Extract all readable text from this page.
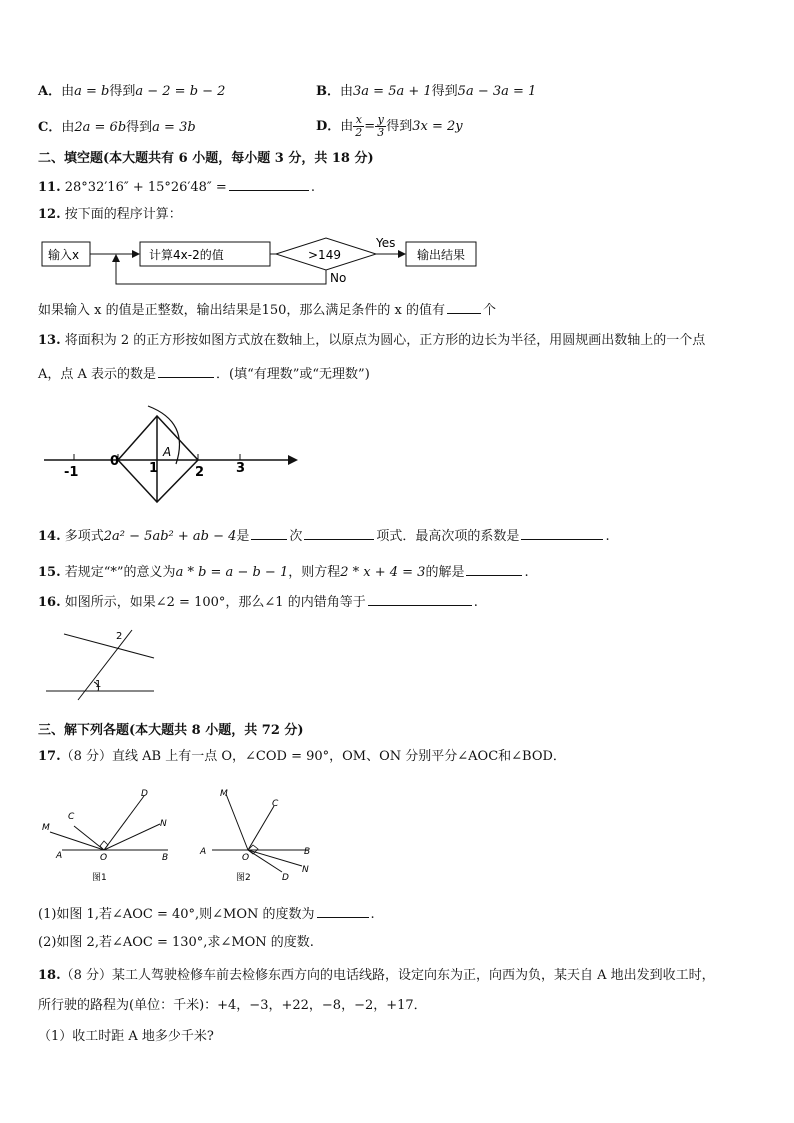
A．由a = b得到a − 2 = b − 2	B．由3a = 5a + 1得到5a − 3a = 1
C．由2a = 6b得到a = 3b	D．由 $\frac{x}{2} = \frac{y}{3}$ 得到3x = 2y
二、填空题(本大题共有 6 小题，每小题 3 分，共 18 分)
11. 28°32′16″ + 15°26′48″ =	.
12. 按下面的程序计算：
输入x	计算4x-2的值	>149
Yes
No
输出结果
如果输入 x 的值是正整数，输出结果是150，那么满足条件的 x 的值有	个
13. 将面积为 2 的正方形按如图方式放在数轴上，以原点为圆心，正方形的边长为半径，用圆规画出数轴上的一个点
A，点 A 表示的数是	．(填“有理数”或“无理数”)
-1
0 1	2 3
A
14. 多项式2a² − 5ab² + ab − 4是	次	项式．最高次项的系数是	.
15. 若规定“*”的意义为a * b = a − b − 1，则方程2 * x + 4 = 3的解是	.
16. 如图所示，如果∠2 = 100°，那么∠1 的内错角等于	.
2
1
三、解下列各题(本大题共 8 小题，共 72 分)
17.（8 分）直线 AB 上有一点 O，∠COD = 90°，OM、ON 分别平分∠AOC和∠BOD．
D
C
M	N
A	O	B
图1
M
C
A
O
B
N
D
图2
(1)如图 1,若∠AOC = 40°,则∠MON 的度数为	.
(2)如图 2,若∠AOC = 130°,求∠MON 的度数.
18.（8 分）某工人驾驶检修车前去检修东西方向的电话线路，设定向东为正，向西为负，某天自 A 地出发到收工时，
所行驶的路程为(单位：千米)：+4，−3，+22，−8，−2，+17．
（1）收工时距 A 地多少千米?
